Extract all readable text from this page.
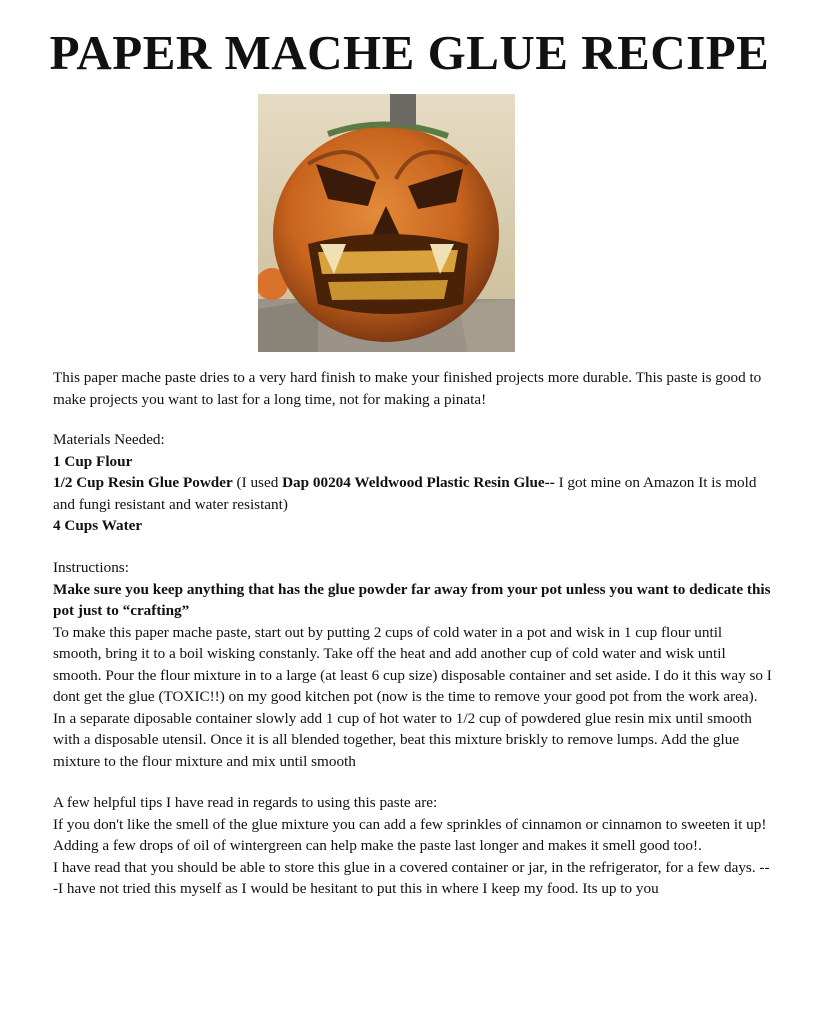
PAPER MACHE GLUE RECIPE

This paper mache paste dries to a very hard finish to make your finished projects more durable. This paste is good to make projects you want to last for a long time, not for making a pinata!

Materials Needed:

1 Cup Flour

1/2 Cup Resin Glue Powder (I used Dap 00204 Weldwood Plastic Resin Glue-- I got mine on Amazon It is mold and fungi resistant and water resistant)

4 Cups Water

Instructions:

Make sure you keep anything that has the glue powder far away from your pot unless you want to dedicate this pot just to “crafting”

To make this paper mache paste, start out by putting 2 cups of cold water in a pot and wisk in 1 cup flour until smooth, bring it to a boil wisking constanly. Take off the heat and add another cup of cold water and wisk until smooth. Pour the flour mixture in to a large (at least 6 cup size) disposable container and set aside. I do it this way so I dont get the glue (TOXIC!!) on my good kitchen pot (now is the time to remove your good pot from the work area). In a separate diposable container slowly add 1 cup of hot water to 1/2 cup of powdered glue resin mix until smooth with a disposable utensil. Once it is all blended together, beat this mixture briskly to remove lumps. Add the glue mixture to the flour mixture and mix until smooth

A few helpful tips I have read in regards to using this paste are:

If you don't like the smell of the glue mixture you can add a few sprinkles of cinnamon or cinnamon to sweeten it up!

Adding a few drops of oil of wintergreen can help make the paste last longer and makes it smell good too!.

I have read that you should be able to store this glue in a covered container or jar, in the refrigerator, for a few days. ---I have not tried this myself as I would be hesitant to put this in where I keep my food. Its up to you
